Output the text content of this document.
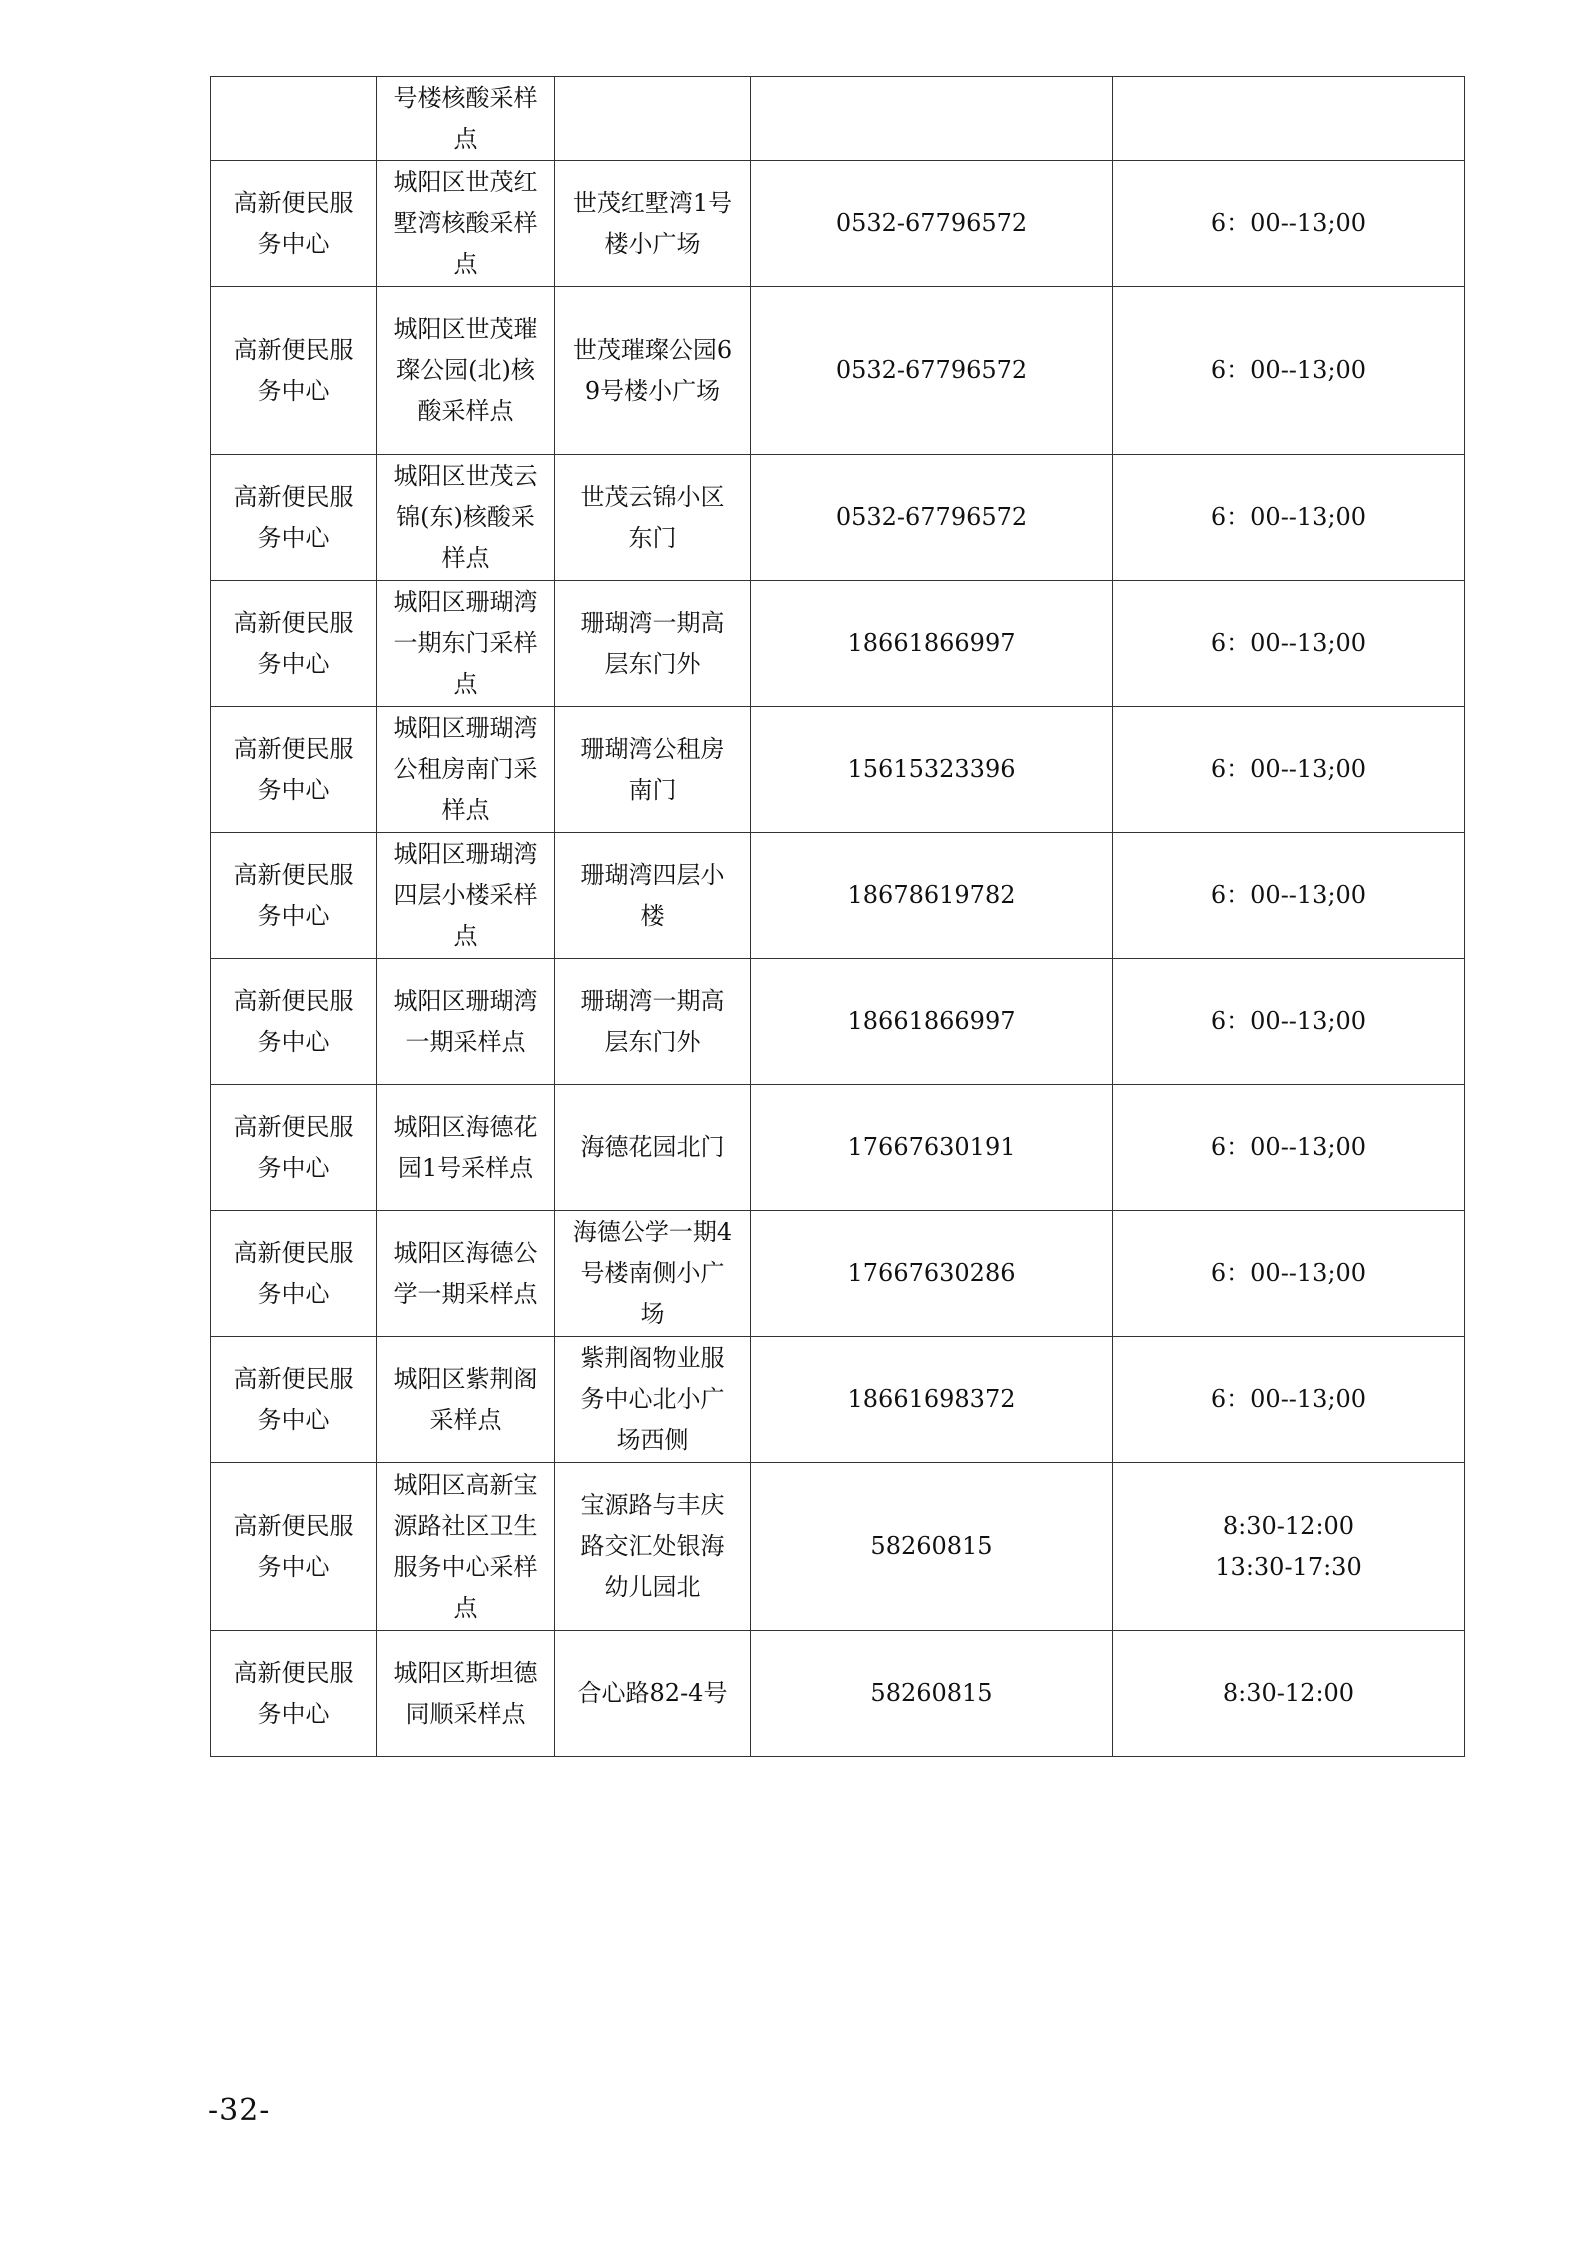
	号楼核酸采样点			
高新便民服务中心	城阳区世茂红墅湾核酸采样点	世茂红墅湾1号楼小广场	0532-67796572	6：00--13;00

高新便民服务中心	城阳区世茂璀璨公园(北)核酸采样点	世茂璀璨公园69号楼小广场	0532-67796572	6：00--13;00

高新便民服务中心	城阳区世茂云锦(东)核酸采样点	世茂云锦小区东门	0532-67796572	6：00--13;00

高新便民服务中心	城阳区珊瑚湾一期东门采样点	珊瑚湾一期高层东门外	18661866997	6：00--13;00

高新便民服务中心	城阳区珊瑚湾公租房南门采样点	珊瑚湾公租房南门	15615323396	6：00--13;00

高新便民服务中心	城阳区珊瑚湾四层小楼采样点	珊瑚湾四层小楼	18678619782	6：00--13;00

高新便民服务中心	城阳区珊瑚湾一期采样点	珊瑚湾一期高层东门外	18661866997	6：00--13;00

高新便民服务中心	城阳区海德花园1号采样点	海德花园北门	17667630191	6：00--13;00

高新便民服务中心	城阳区海德公学一期采样点	海德公学一期4号楼南侧小广场	17667630286	6：00--13;00

高新便民服务中心	城阳区紫荆阁采样点	紫荆阁物业服务中心北小广场西侧	18661698372	6：00--13;00

高新便民服务中心	城阳区高新宝源路社区卫生服务中心采样点	宝源路与丰庆路交汇处银海幼儿园北	58260815	8:30-12:00
13:30-17:30

高新便民服务中心	城阳区斯坦德同顺采样点	合心路82-4号	58260815	8:30-12:00
-32-
